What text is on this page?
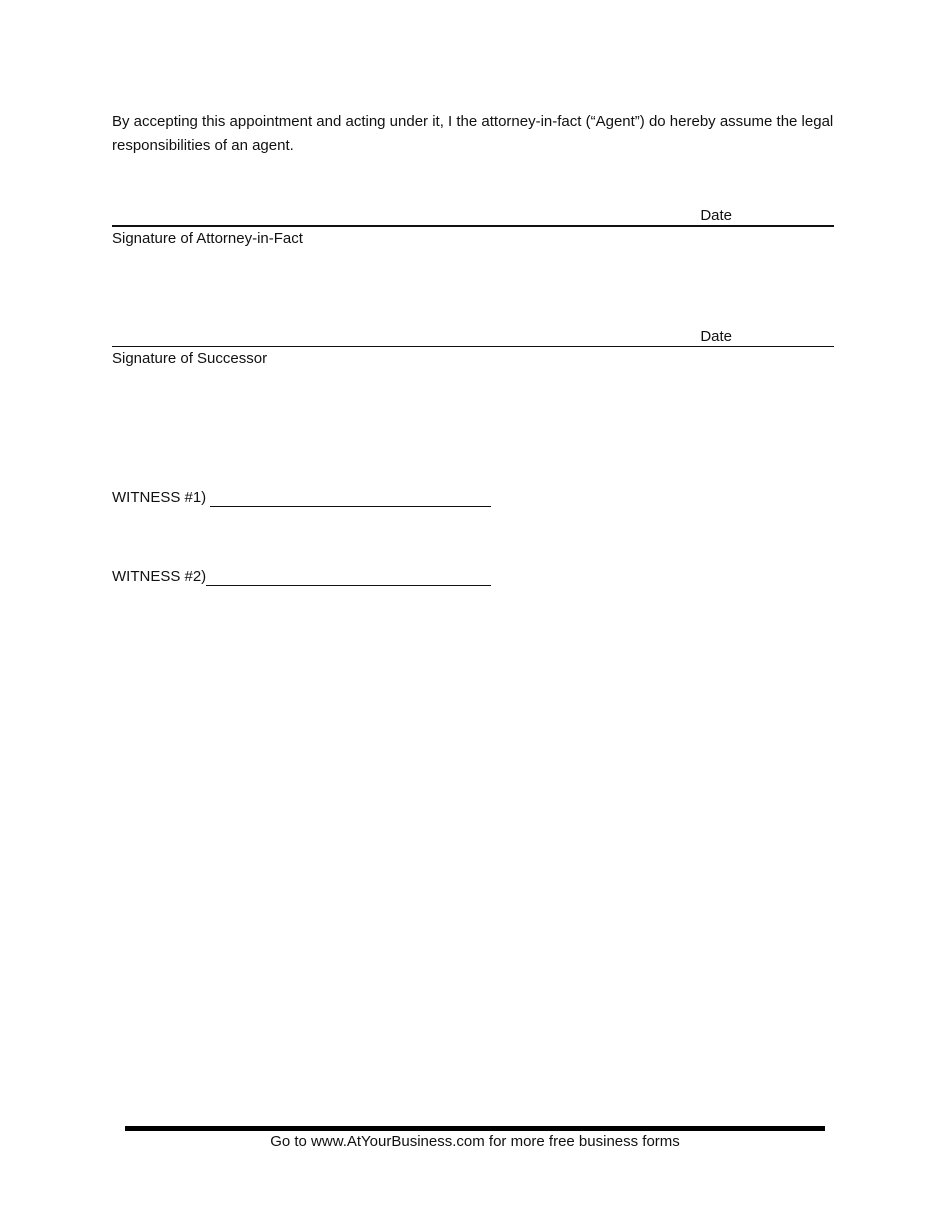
By accepting this appointment and acting under it, I the attorney-in-fact (“Agent”) do hereby assume the legal responsibilities of an agent.

Date
Signature of Attorney-in-Fact
Date
Signature of Successor
WITNESS #1)
WITNESS #2)
Go to www.AtYourBusiness.com for more free business forms
